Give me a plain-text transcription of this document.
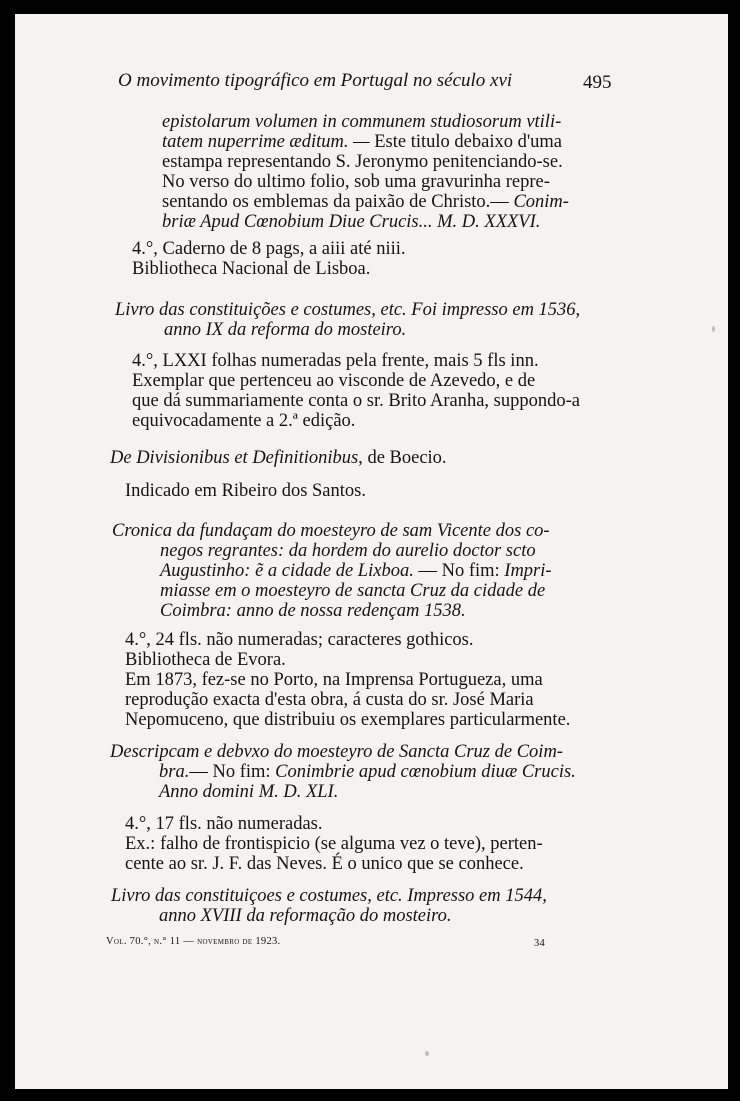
O movimento tipográfico em Portugal no século xvi	495
epistolarum volumen in communem studiosorum vtili-
tatem nuperrime æditum. — Este titulo debaixo d'uma
estampa representando S. Jeronymo penitenciando-se.
No verso do ultimo folio, sob uma gravurinha repre-
sentando os emblemas da paixão de Christo.— Conim-
briæ Apud Cœnobium Diue Crucis... M. D. XXXVI.
4.°, Caderno de 8 pags, a aiii até niii.
Bibliotheca Nacional de Lisboa.
Livro das constituições e costumes, etc. Foi impresso em 1536,
anno IX da reforma do mosteiro.
4.°, LXXI folhas numeradas pela frente, mais 5 fls inn.
Exemplar que pertenceu ao visconde de Azevedo, e de
que dá summariamente conta o sr. Brito Aranha, suppondo-a
equivocadamente a 2.ª edição.
De Divisionibus et Definitionibus, de Boecio.
Indicado em Ribeiro dos Santos.
Cronica da fundaçam do moesteyro de sam Vicente dos co-
negos regrantes: da hordem do aurelio doctor scto
Augustinho: ẽ a cidade de Lixboa. — No fim: Impri-
miasse em o moesteyro de sancta Cruz da cidade de
Coimbra: anno de nossa redençam 1538.
4.°, 24 fls. não numeradas; caracteres gothicos.
Bibliotheca de Evora.
Em 1873, fez-se no Porto, na Imprensa Portugueza, uma
reprodução exacta d'esta obra, á custa do sr. José Maria
Nepomuceno, que distribuiu os exemplares particularmente.
Descripcam e debvxo do moesteyro de Sancta Cruz de Coim-
bra.— No fim: Conimbrie apud cœnobium diuæ Crucis.
Anno domini M. D. XLI.
4.°, 17 fls. não numeradas.
Ex.: falho de frontispicio (se alguma vez o teve), perten-
cente ao sr. J. F. das Neves. É o unico que se conhece.
Livro das constituiçoes e costumes, etc. Impresso em 1544,
anno XVIII da reformação do mosteiro.
Vol. 70.°, n.° 11 — novembro de 1923.	34
